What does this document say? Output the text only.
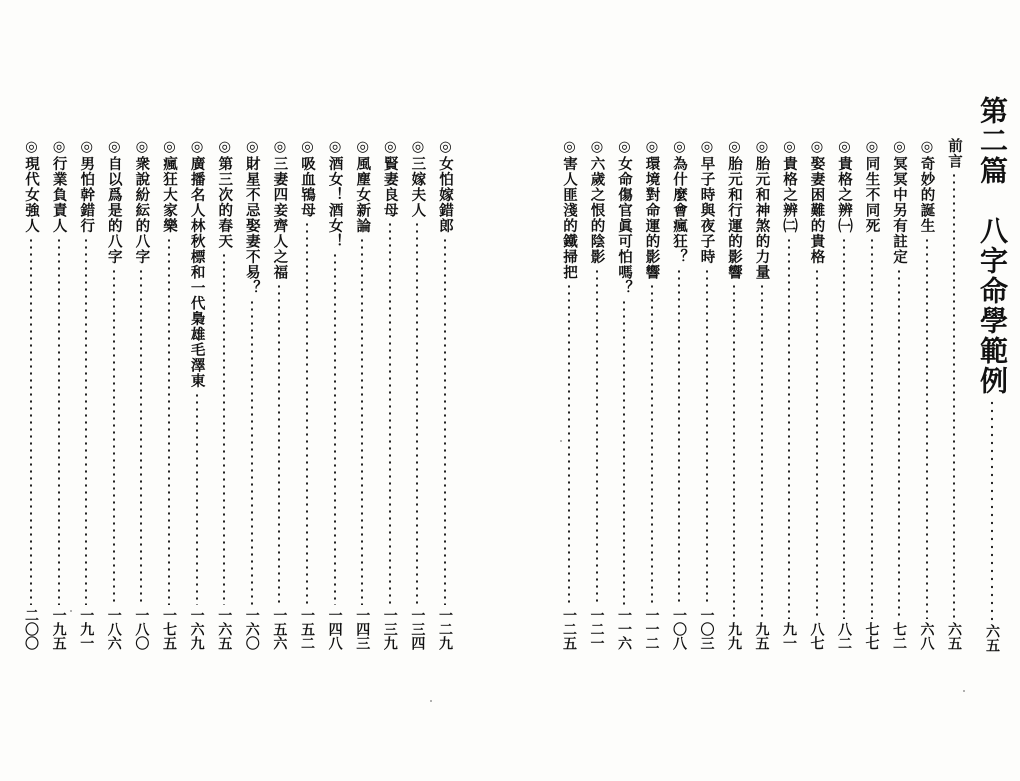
◎女怕嫁錯郎
一二九
◎三嫁夫人
一三四
◎賢妻良母
一三九
◎風塵女新論
一四三
◎酒女！酒女！
一四八
◎吸血鴇母
一五二
◎三妻四妾齊人之福
一五六
◎財星不忌娶妻不易？
一六〇
◎第三次的春天
一六五
◎廣播名人林秋標和一代梟雄毛澤東
一六九
◎瘋狂大家樂
一七五
◎衆說紛紜的八字
一八〇
◎自以爲是的八字
一八六
◎男怕幹錯行
一九一
◎行業負責人
一九五
◎現代女強人
二〇〇
前言
六五
◎奇妙的誕生
六八
◎冥冥中另有註定
七二
◎同生不同死
七七
◎貴格之辨㈠
八二
◎娶妻困難的貴格
八七
◎貴格之辨㈡
九一
◎胎元和神煞的力量
九五
◎胎元和行運的影響
九九
◎早子時與夜子時
一〇三
◎為什麼會瘋狂？
一〇八
◎環境對命運的影響
一一二
◎女命傷官眞可怕嗎？
一一六
◎六歲之恨的陰影
一二一
◎害人匪淺的鐵掃把
一二五
第二篇　八字命學範例
六五
